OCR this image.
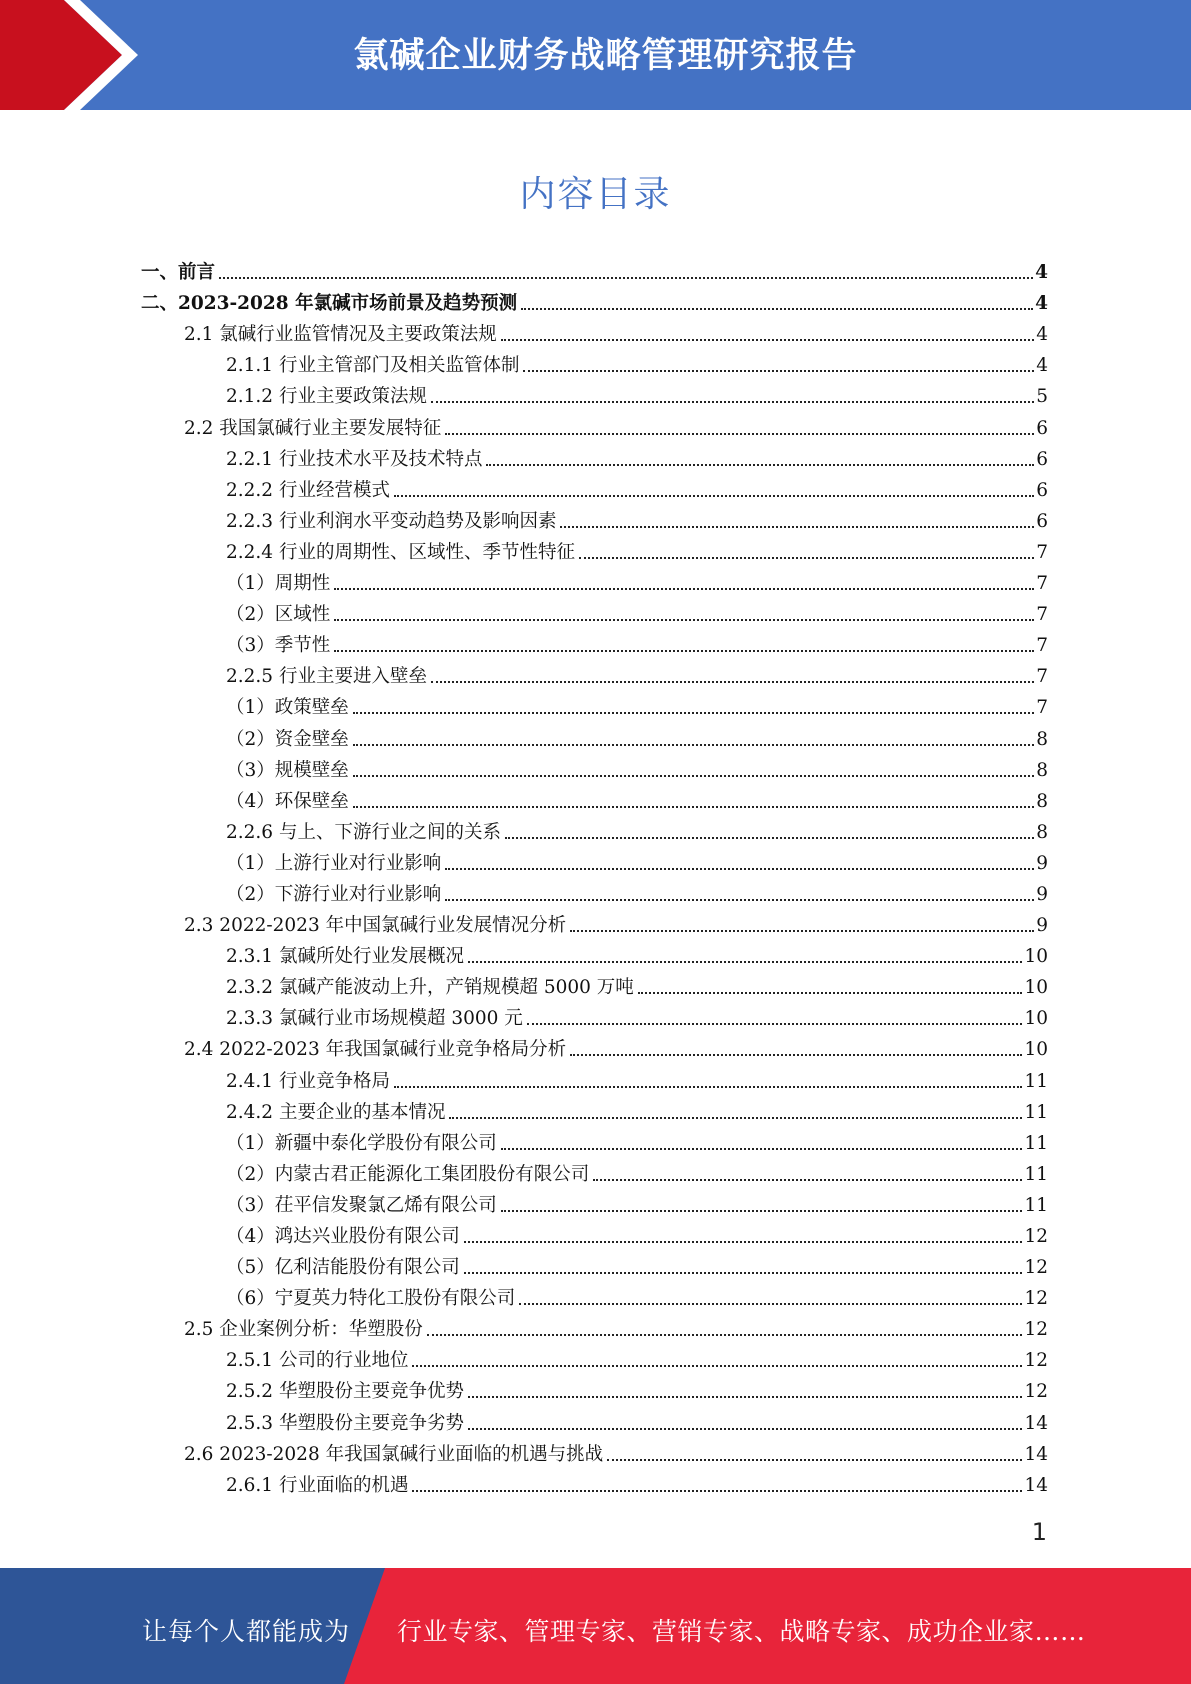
氯碱企业财务战略管理研究报告
内容目录
一、前言	4
二、2023-2028 年氯碱市场前景及趋势预测	4
2.1 氯碱行业监管情况及主要政策法规	4
2.1.1 行业主管部门及相关监管体制	4
2.1.2 行业主要政策法规	5
2.2 我国氯碱行业主要发展特征	6
2.2.1 行业技术水平及技术特点	6
2.2.2 行业经营模式	6
2.2.3 行业利润水平变动趋势及影响因素	6
2.2.4 行业的周期性、区域性、季节性特征	7
（1）周期性	7
（2）区域性	7
（3）季节性	7
2.2.5 行业主要进入壁垒	7
（1）政策壁垒	7
（2）资金壁垒	8
（3）规模壁垒	8
（4）环保壁垒	8
2.2.6 与上、下游行业之间的关系	8
（1）上游行业对行业影响	9
（2）下游行业对行业影响	9
2.3 2022-2023 年中国氯碱行业发展情况分析	9
2.3.1 氯碱所处行业发展概况	10
2.3.2 氯碱产能波动上升，产销规模超 5000 万吨	10
2.3.3 氯碱行业市场规模超 3000 元	10
2.4 2022-2023 年我国氯碱行业竞争格局分析	10
2.4.1 行业竞争格局	11
2.4.2 主要企业的基本情况	11
（1）新疆中泰化学股份有限公司	11
（2）内蒙古君正能源化工集团股份有限公司	11
（3）茌平信发聚氯乙烯有限公司	11
（4）鸿达兴业股份有限公司	12
（5）亿利洁能股份有限公司	12
（6）宁夏英力特化工股份有限公司	12
2.5 企业案例分析：华塑股份	12
2.5.1 公司的行业地位	12
2.5.2 华塑股份主要竞争优势	12
2.5.3 华塑股份主要竞争劣势	14
2.6 2023-2028 年我国氯碱行业面临的机遇与挑战	14
2.6.1 行业面临的机遇	14
1
让每个人都能成为 行业专家、管理专家、营销专家、战略专家、成功企业家……
